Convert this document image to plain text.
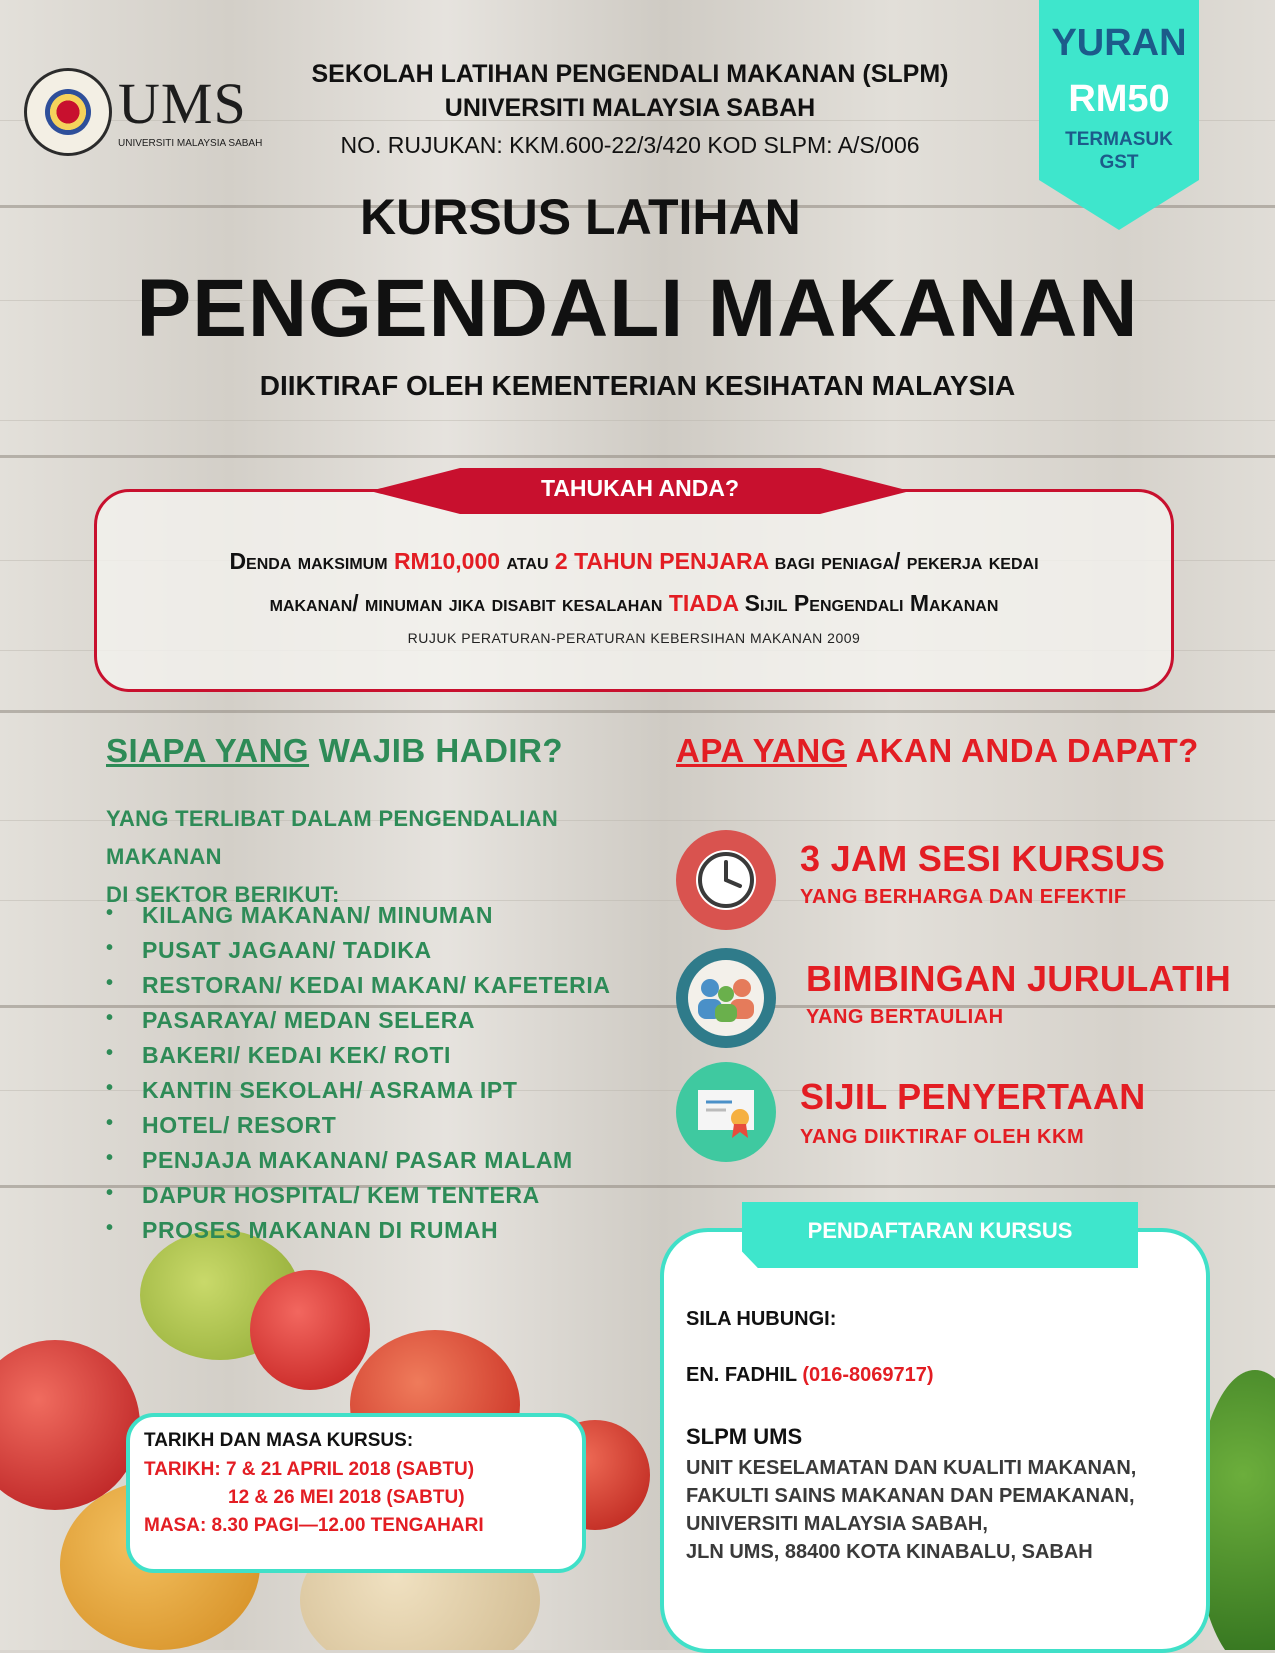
UMS
UNIVERSITI MALAYSIA SABAH
SEKOLAH LATIHAN PENGENDALI MAKANAN (SLPM)
UNIVERSITI MALAYSIA SABAH
NO. RUJUKAN: KKM.600-22/3/420 KOD SLPM: A/S/006
YURAN
RM50
TERMASUK
GST
KURSUS LATIHAN
PENGENDALI MAKANAN
DIIKTIRAF OLEH KEMENTERIAN KESIHATAN MALAYSIA
TAHUKAH ANDA?
Denda maksimum RM10,000 atau 2 TAHUN PENJARA bagi peniaga/ pekerja kedai
makanan/ minuman jika disabit kesalahan TIADA Sijil Pengendali Makanan
RUJUK PERATURAN-PERATURAN KEBERSIHAN MAKANAN 2009
SIAPA YANG WAJIB HADIR?
YANG TERLIBAT DALAM PENGENDALIAN MAKANAN
DI SEKTOR BERIKUT:
• KILANG MAKANAN/ MINUMAN
• PUSAT JAGAAN/ TADIKA
• RESTORAN/ KEDAI MAKAN/ KAFETERIA
• PASARAYA/ MEDAN SELERA
• BAKERI/ KEDAI KEK/ ROTI
• KANTIN SEKOLAH/ ASRAMA IPT
• HOTEL/ RESORT
• PENJAJA MAKANAN/ PASAR MALAM
• DAPUR HOSPITAL/ KEM TENTERA
• PROSES MAKANAN DI RUMAH
APA YANG AKAN ANDA DAPAT?
3 JAM SESI KURSUS
YANG BERHARGA DAN EFEKTIF
BIMBINGAN JURULATIH
YANG BERTAULIAH
SIJIL PENYERTAAN
YANG DIIKTIRAF OLEH KKM
PENDAFTARAN KURSUS
SILA HUBUNGI:
EN. FADHIL (016-8069717)
SLPM UMS
UNIT KESELAMATAN DAN KUALITI MAKANAN,
FAKULTI SAINS MAKANAN DAN PEMAKANAN,
UNIVERSITI MALAYSIA SABAH,
JLN UMS, 88400 KOTA KINABALU, SABAH
TARIKH DAN MASA KURSUS:
TARIKH: 7 & 21 APRIL 2018 (SABTU)
12 & 26 MEI 2018 (SABTU)
MASA: 8.30 PAGI—12.00 TENGAHARI
